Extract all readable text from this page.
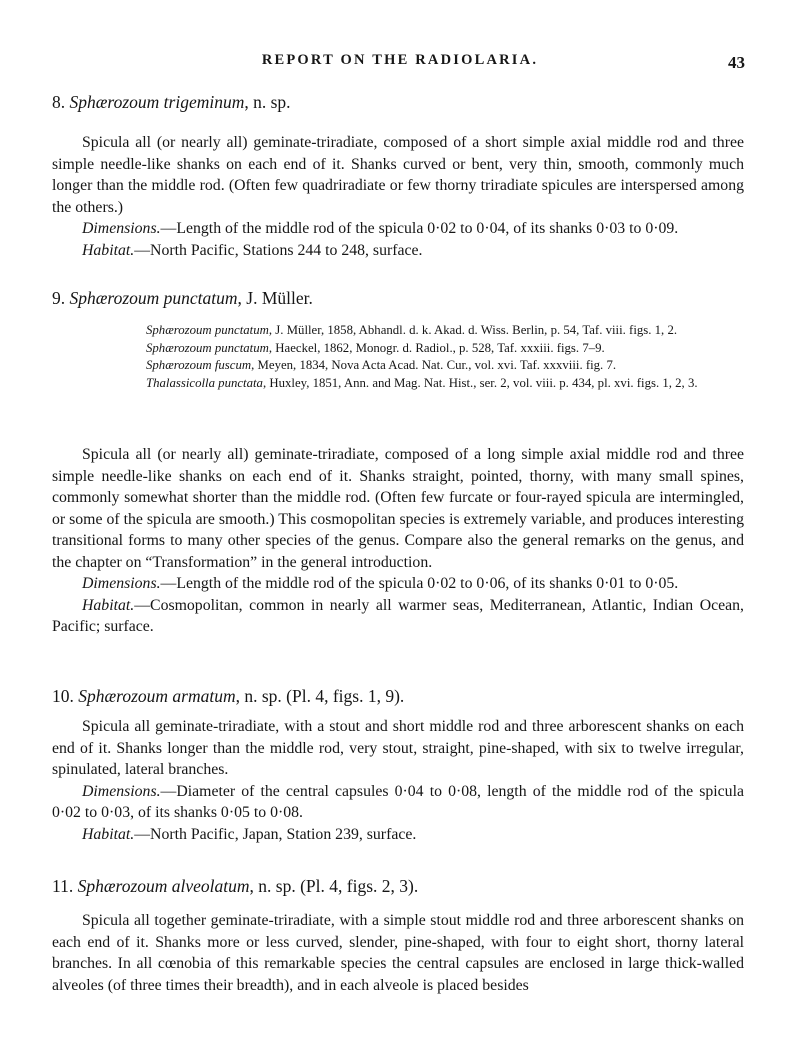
REPORT ON THE RADIOLARIA.	43
8. Sphærozoum trigeminum, n. sp.

Spicula all (or nearly all) geminate-triradiate, composed of a short simple axial middle rod and three simple needle-like shanks on each end of it. Shanks curved or bent, very thin, smooth, commonly much longer than the middle rod. (Often few quadriradiate or few thorny triradiate spicules are interspersed among the others.)

Dimensions.—Length of the middle rod of the spicula 0·02 to 0·04, of its shanks 0·03 to 0·09.

Habitat.—North Pacific, Stations 244 to 248, surface.

9. Sphærozoum punctatum, J. Müller.
Sphærozoum punctatum, J. Müller, 1858, Abhandl. d. k. Akad. d. Wiss. Berlin, p. 54, Taf. viii. figs. 1, 2.
Sphærozoum punctatum, Haeckel, 1862, Monogr. d. Radiol., p. 528, Taf. xxxiii. figs. 7–9.
Sphærozoum fuscum, Meyen, 1834, Nova Acta Acad. Nat. Cur., vol. xvi. Taf. xxxviii. fig. 7.
Thalassicolla punctata, Huxley, 1851, Ann. and Mag. Nat. Hist., ser. 2, vol. viii. p. 434, pl. xvi. figs. 1, 2, 3.

Spicula all (or nearly all) geminate-triradiate, composed of a long simple axial middle rod and three simple needle-like shanks on each end of it. Shanks straight, pointed, thorny, with many small spines, commonly somewhat shorter than the middle rod. (Often few furcate or four-rayed spicula are intermingled, or some of the spicula are smooth.) This cosmopolitan species is extremely variable, and produces interesting transitional forms to many other species of the genus. Compare also the general remarks on the genus, and the chapter on “Transformation” in the general introduction.

Dimensions.—Length of the middle rod of the spicula 0·02 to 0·06, of its shanks 0·01 to 0·05.

Habitat.—Cosmopolitan, common in nearly all warmer seas, Mediterranean, Atlantic, Indian Ocean, Pacific; surface.

10. Sphærozoum armatum, n. sp. (Pl. 4, figs. 1, 9).

Spicula all geminate-triradiate, with a stout and short middle rod and three arborescent shanks on each end of it. Shanks longer than the middle rod, very stout, straight, pine-shaped, with six to twelve irregular, spinulated, lateral branches.

Dimensions.—Diameter of the central capsules 0·04 to 0·08, length of the middle rod of the spicula 0·02 to 0·03, of its shanks 0·05 to 0·08.

Habitat.—North Pacific, Japan, Station 239, surface.

11. Sphærozoum alveolatum, n. sp. (Pl. 4, figs. 2, 3).

Spicula all together geminate-triradiate, with a simple stout middle rod and three arborescent shanks on each end of it. Shanks more or less curved, slender, pine-shaped, with four to eight short, thorny lateral branches. In all cœnobia of this remarkable species the central capsules are enclosed in large thick-walled alveoles (of three times their breadth), and in each alveole is placed besides
